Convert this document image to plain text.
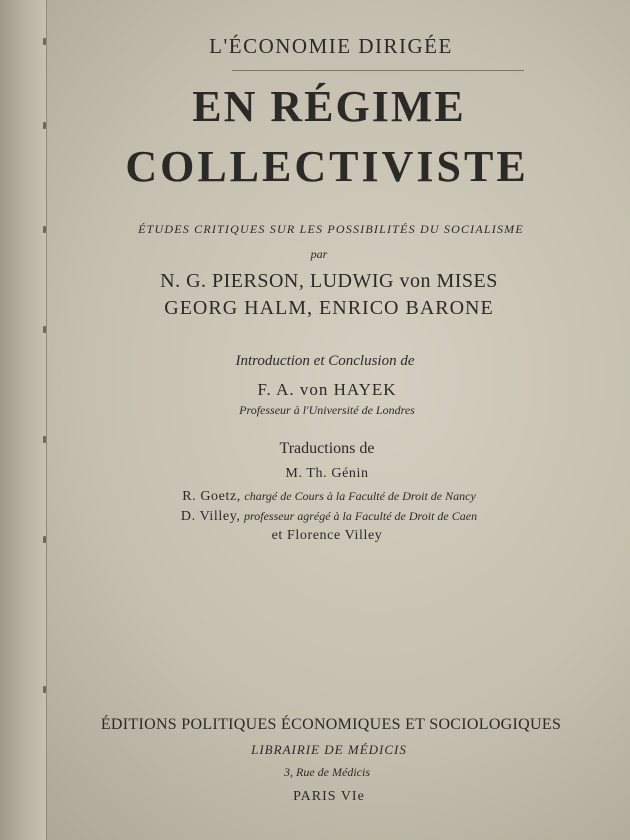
L'ÉCONOMIE DIRIGÉE
EN RÉGIME
COLLECTIVISTE
ÉTUDES CRITIQUES SUR LES POSSIBILITÉS DU SOCIALISME
par
N. G. PIERSON, LUDWIG von MISES
GEORG HALM, ENRICO BARONE
Introduction et Conclusion de
F. A. von HAYEK
Professeur à l'Université de Londres
Traductions de
M. Th. Génin
R. Goetz, chargé de Cours à la Faculté de Droit de Nancy
D. Villey, professeur agrégé à la Faculté de Droit de Caen
et Florence Villey
ÉDITIONS POLITIQUES ÉCONOMIQUES ET SOCIOLOGIQUES
LIBRAIRIE DE MÉDICIS
3, Rue de Médicis
PARIS VIe
